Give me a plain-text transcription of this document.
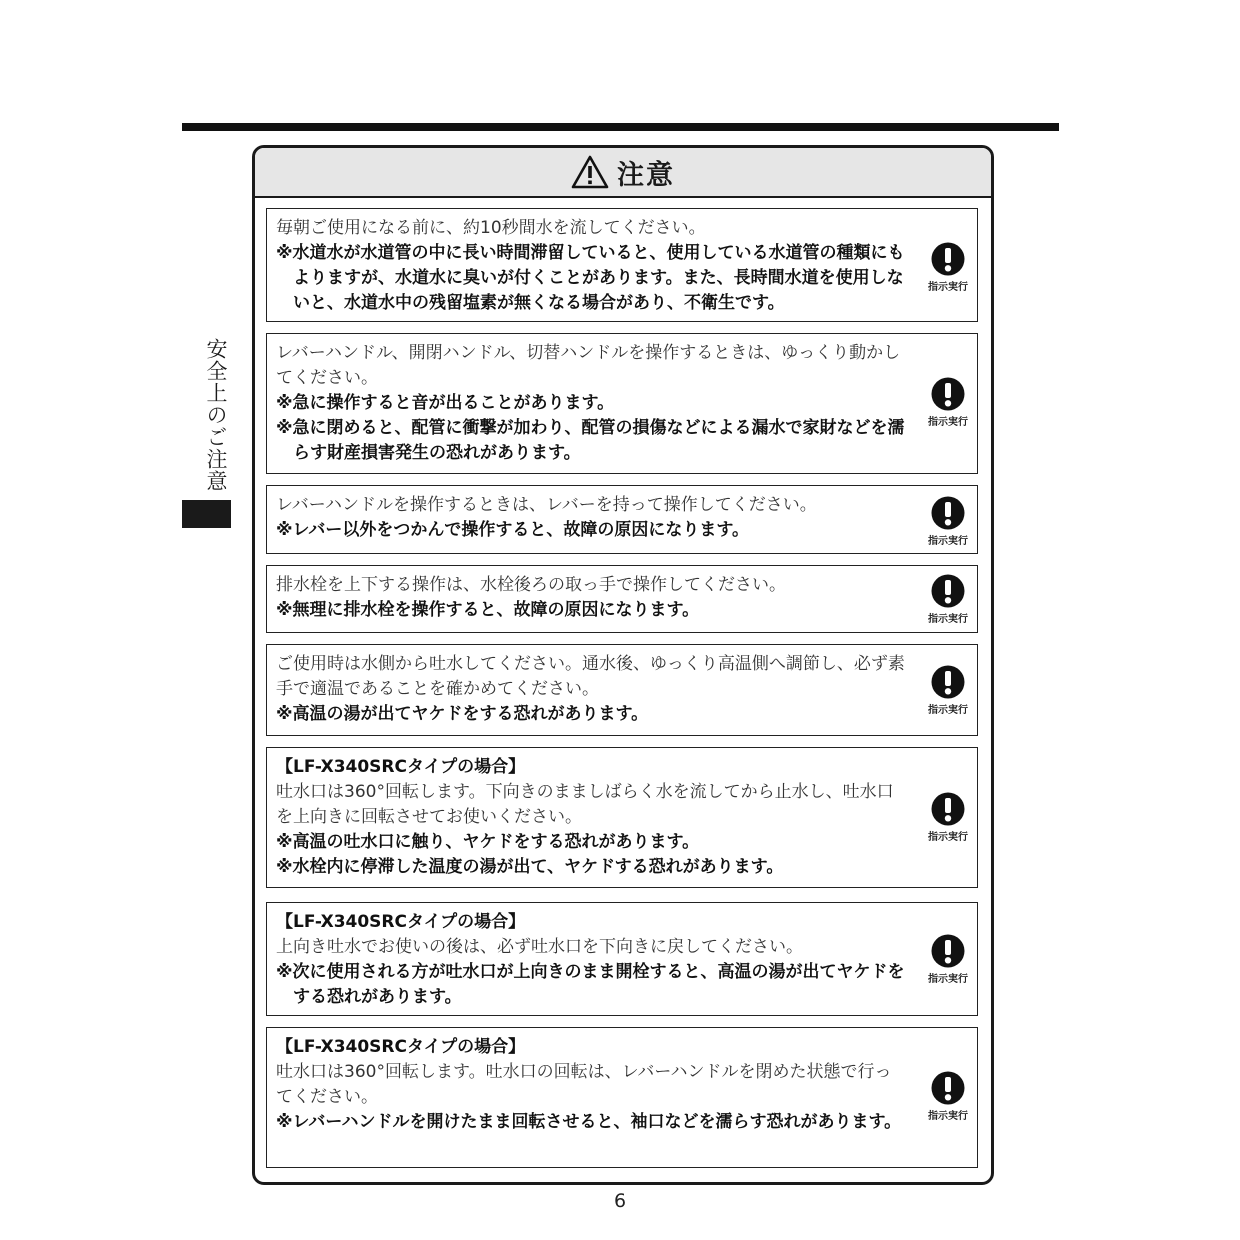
安全上のご注意
注意

毎朝ご使用になる前に、約10秒間水を流してください。

※水道水が水道管の中に長い時間滞留していると、使用している水道管の種類にもよりますが、水道水に臭いが付くことがあります。また、長時間水道を使用しないと、水道水中の残留塩素が無くなる場合があり、不衛生です。

指示実行

レバーハンドル、開閉ハンドル、切替ハンドルを操作するときは、ゆっくり動かしてください。

※急に操作すると音が出ることがあります。

※急に閉めると、配管に衝撃が加わり、配管の損傷などによる漏水で家財などを濡らす財産損害発生の恐れがあります。

指示実行

レバーハンドルを操作するときは、レバーを持って操作してください。

※レバー以外をつかんで操作すると、故障の原因になります。

指示実行

排水栓を上下する操作は、水栓後ろの取っ手で操作してください。

※無理に排水栓を操作すると、故障の原因になります。	指示実行

ご使用時は水側から吐水してください。通水後、ゆっくり高温側へ調節し、必ず素手で適温であることを確かめてください。

※高温の湯が出てヤケドをする恐れがあります。	指示実行

【LF-X340SRCタイプの場合】

吐水口は360°回転します。下向きのまましばらく水を流してから止水し、吐水口を上向きに回転させてお使いください。

※高温の吐水口に触り、ヤケドをする恐れがあります。

※水栓内に停滞した温度の湯が出て、ヤケドする恐れがあります。

指示実行

【LF-X340SRCタイプの場合】

上向き吐水でお使いの後は、必ず吐水口を下向きに戻してください。

※次に使用される方が吐水口が上向きのまま開栓すると、高温の湯が出てヤケドをする恐れがあります。

指示実行

【LF-X340SRCタイプの場合】

吐水口は360°回転します。吐水口の回転は、レバーハンドルを閉めた状態で行ってください。

※レバーハンドルを開けたまま回転させると、袖口などを濡らす恐れがあります。	指示実行
6
